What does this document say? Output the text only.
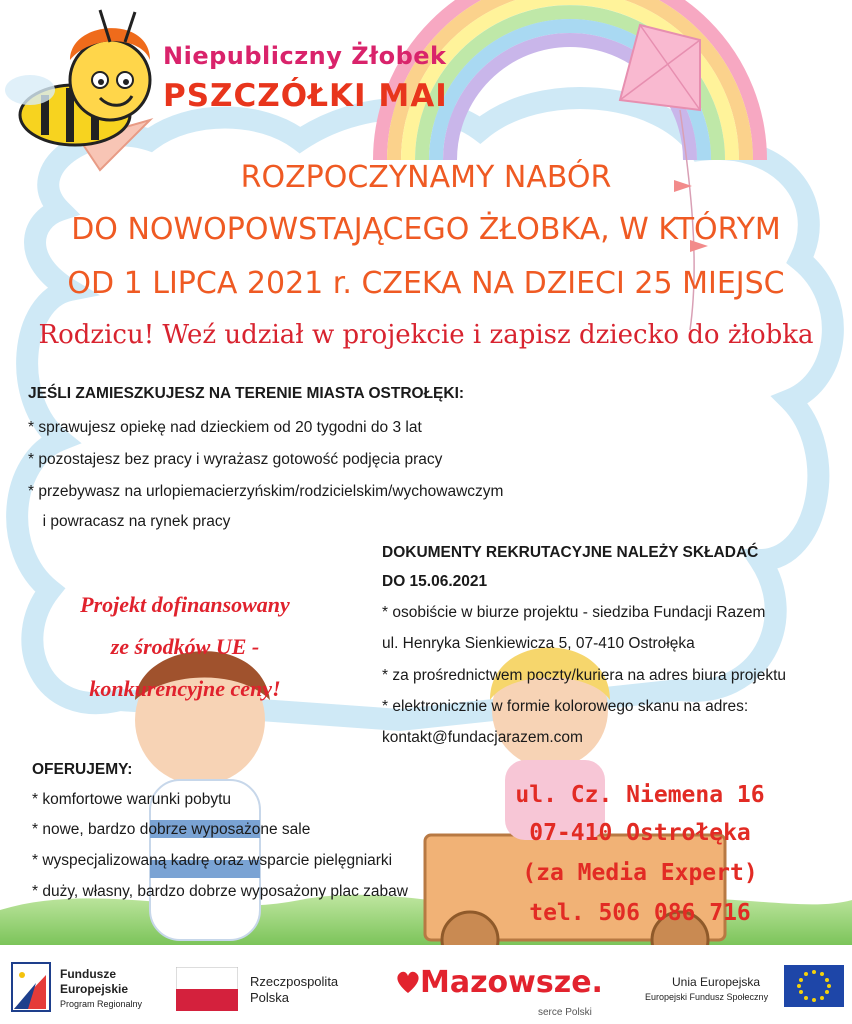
Niepubliczny Żłobek
PSZCZÓŁKI MAI
ROZPOCZYNAMY NABÓR
DO NOWOPOWSTAJĄCEGO ŻŁOBKA, W KTÓRYM
OD 1 LIPCA 2021 r. CZEKA NA DZIECI 25 MIEJSC
Rodzicu! Weź udział w projekcie i zapisz dziecko do żłobka
JEŚLI ZAMIESZKUJESZ NA TERENIE MIASTA OSTROŁĘKI:
* sprawujesz opiekę nad dzieckiem od 20 tygodni do 3 lat
* pozostajesz bez pracy i wyrażasz gotowość podjęcia pracy
* przebywasz na urlopiemacierzyńskim/rodzicielskim/wychowawczym
i powracasz na rynek pracy
Projekt dofinansowany
ze środków UE -
konkurencyjne ceny!
DOKUMENTY REKRUTACYJNE NALEŻY SKŁADAĆ
DO 15.06.2021
* osobiście w biurze projektu - siedziba Fundacji Razem
ul. Henryka Sienkiewicza 5, 07-410 Ostrołęka
* za prośrednictwem poczty/kuriera na adres biura projektu
* elektronicznie w formie kolorowego skanu na adres:
kontakt@fundacjarazem.com
OFERUJEMY:
* komfortowe warunki pobytu
* nowe, bardzo dobrze wyposażone sale
* wyspecjalizowaną kadrę oraz wsparcie pielęgniarki
* duży, własny, bardzo dobrze wyposażony plac zabaw
ul. Cz. Niemena 16
07-410 Ostrołęka
(za Media Expert)
tel. 506 086 716
Fundusze
Europejskie
Program Regionalny
Rzeczpospolita
Polska	Mazowsze.
serce Polski
Unia Europejska
Europejski Fundusz Społeczny
